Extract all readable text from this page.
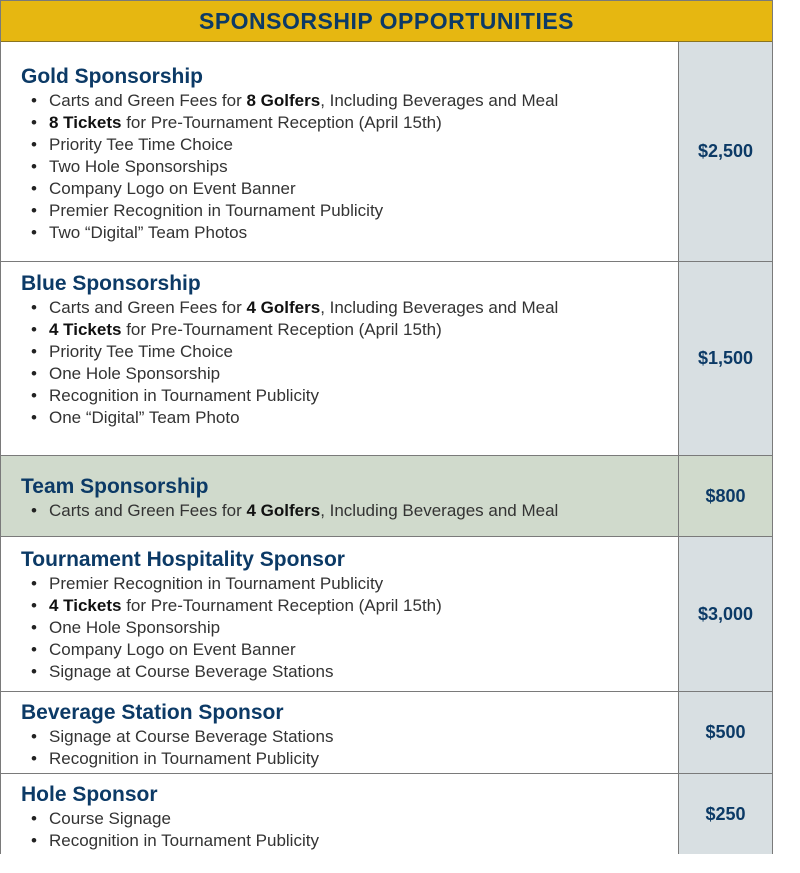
SPONSORSHIP OPPORTUNITIES
Gold Sponsorship
• Carts and Green Fees for 8 Golfers, Including Beverages and Meal
• 8 Tickets for Pre-Tournament Reception (April 15th)
• Priority Tee Time Choice
• Two Hole Sponsorships
• Company Logo on Event Banner
• Premier Recognition in Tournament Publicity
• Two “Digital” Team Photos
$2,500
Blue Sponsorship
• Carts and Green Fees for 4 Golfers, Including Beverages and Meal
• 4 Tickets for Pre-Tournament Reception (April 15th)
• Priority Tee Time Choice
• One Hole Sponsorship
• Recognition in Tournament Publicity
• One “Digital” Team Photo
$1,500
Team Sponsorship
• Carts and Green Fees for 4 Golfers, Including Beverages and Meal
$800
Tournament Hospitality Sponsor
• Premier Recognition in Tournament Publicity
• 4 Tickets for Pre-Tournament Reception (April 15th)
• One Hole Sponsorship
• Company Logo on Event Banner
• Signage at Course Beverage Stations
$3,000
Beverage Station Sponsor
• Signage at Course Beverage Stations
• Recognition in Tournament Publicity
$500
Hole Sponsor
• Course Signage
• Recognition in Tournament Publicity
$250
